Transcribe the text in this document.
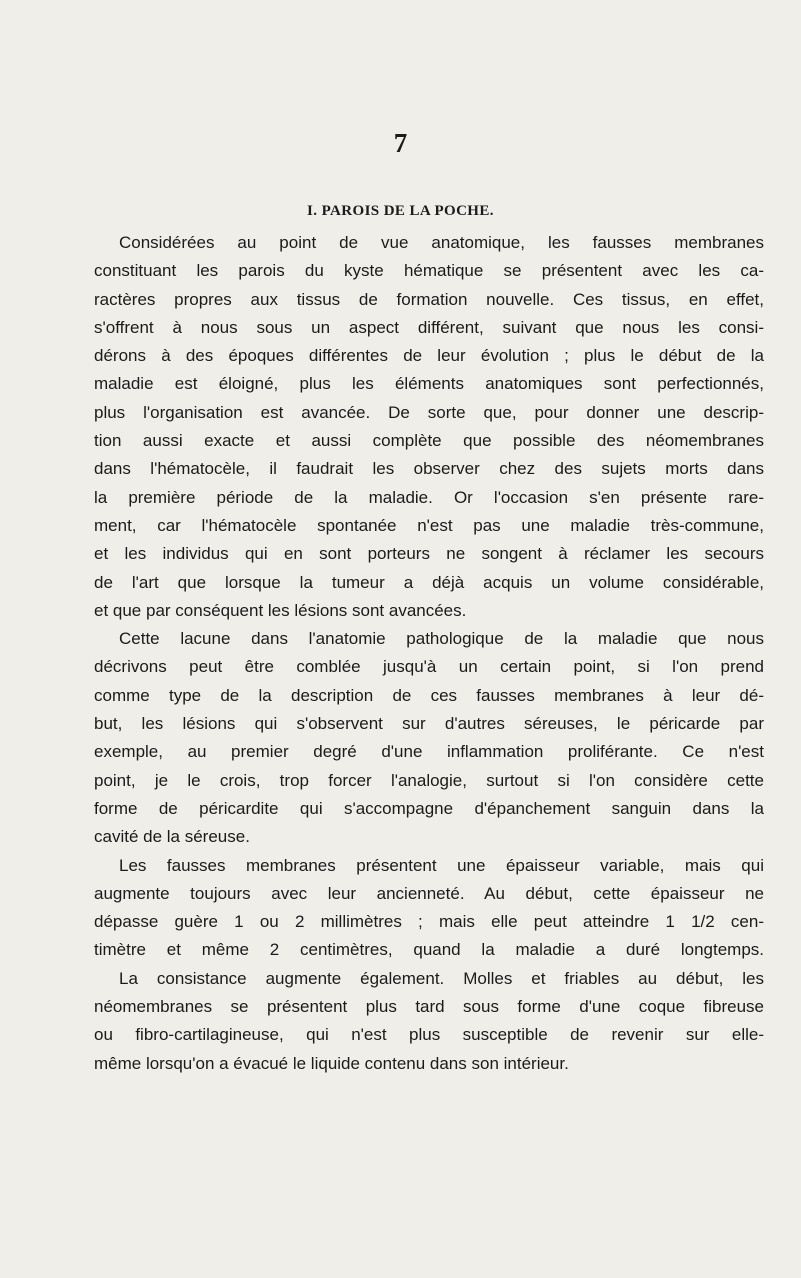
7
I. PAROIS DE LA POCHE.
Considérées au point de vue anatomique, les fausses membranes
constituant les parois du kyste hématique se présentent avec les ca-
ractères propres aux tissus de formation nouvelle. Ces tissus, en effet,
s'offrent à nous sous un aspect différent, suivant que nous les consi-
dérons à des époques différentes de leur évolution ; plus le début de la
maladie est éloigné, plus les éléments anatomiques sont perfectionnés,
plus l'organisation est avancée. De sorte que, pour donner une descrip-
tion aussi exacte et aussi complète que possible des néomembranes
dans l'hématocèle, il faudrait les observer chez des sujets morts dans
la première période de la maladie. Or l'occasion s'en présente rare-
ment, car l'hématocèle spontanée n'est pas une maladie très-commune,
et les individus qui en sont porteurs ne songent à réclamer les secours
de l'art que lorsque la tumeur a déjà acquis un volume considérable,
et que par conséquent les lésions sont avancées.
Cette lacune dans l'anatomie pathologique de la maladie que nous
décrivons peut être comblée jusqu'à un certain point, si l'on prend
comme type de la description de ces fausses membranes à leur dé-
but, les lésions qui s'observent sur d'autres séreuses, le péricarde par
exemple, au premier degré d'une inflammation proliférante. Ce n'est
point, je le crois, trop forcer l'analogie, surtout si l'on considère cette
forme de péricardite qui s'accompagne d'épanchement sanguin dans la
cavité de la séreuse.
Les fausses membranes présentent une épaisseur variable, mais qui
augmente toujours avec leur ancienneté. Au début, cette épaisseur ne
dépasse guère 1 ou 2 millimètres ; mais elle peut atteindre 1 1/2 cen-
timètre et même 2 centimètres, quand la maladie a duré longtemps.
La consistance augmente également. Molles et friables au début, les
néomembranes se présentent plus tard sous forme d'une coque fibreuse
ou fibro-cartilagineuse, qui n'est plus susceptible de revenir sur elle-
même lorsqu'on a évacué le liquide contenu dans son intérieur.
